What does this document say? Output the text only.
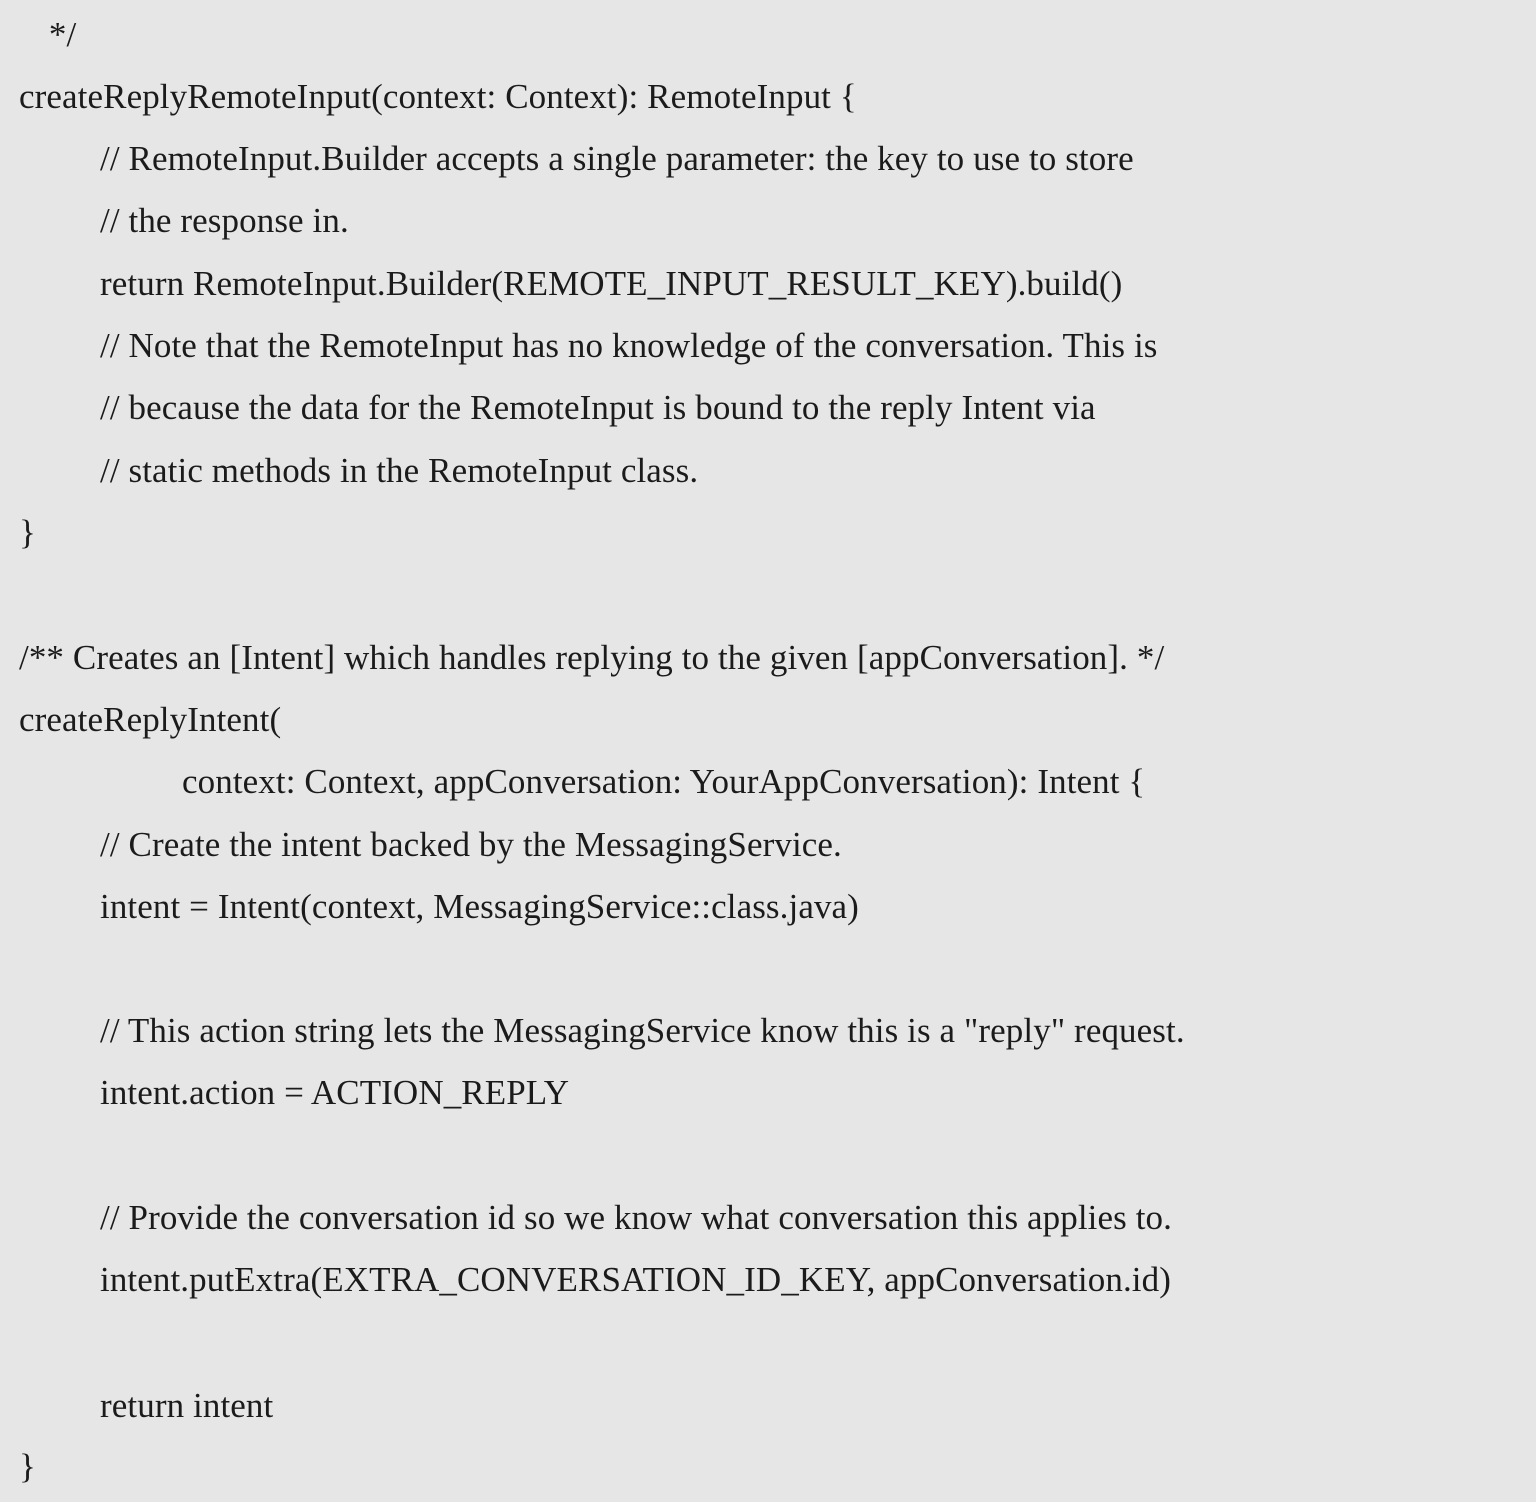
*/
createReplyRemoteInput(context: Context): RemoteInput {
// RemoteInput.Builder accepts a single parameter: the key to use to store
// the response in.
return RemoteInput.Builder(REMOTE_INPUT_RESULT_KEY).build()
// Note that the RemoteInput has no knowledge of the conversation. This is
// because the data for the RemoteInput is bound to the reply Intent via
// static methods in the RemoteInput class.
}
/** Creates an [Intent] which handles replying to the given [appConversation]. */
createReplyIntent(
context: Context, appConversation: YourAppConversation): Intent {
// Create the intent backed by the MessagingService.
intent = Intent(context, MessagingService::class.java)
// This action string lets the MessagingService know this is a "reply" request.
intent.action = ACTION_REPLY
// Provide the conversation id so we know what conversation this applies to.
intent.putExtra(EXTRA_CONVERSATION_ID_KEY, appConversation.id)
return intent
}
